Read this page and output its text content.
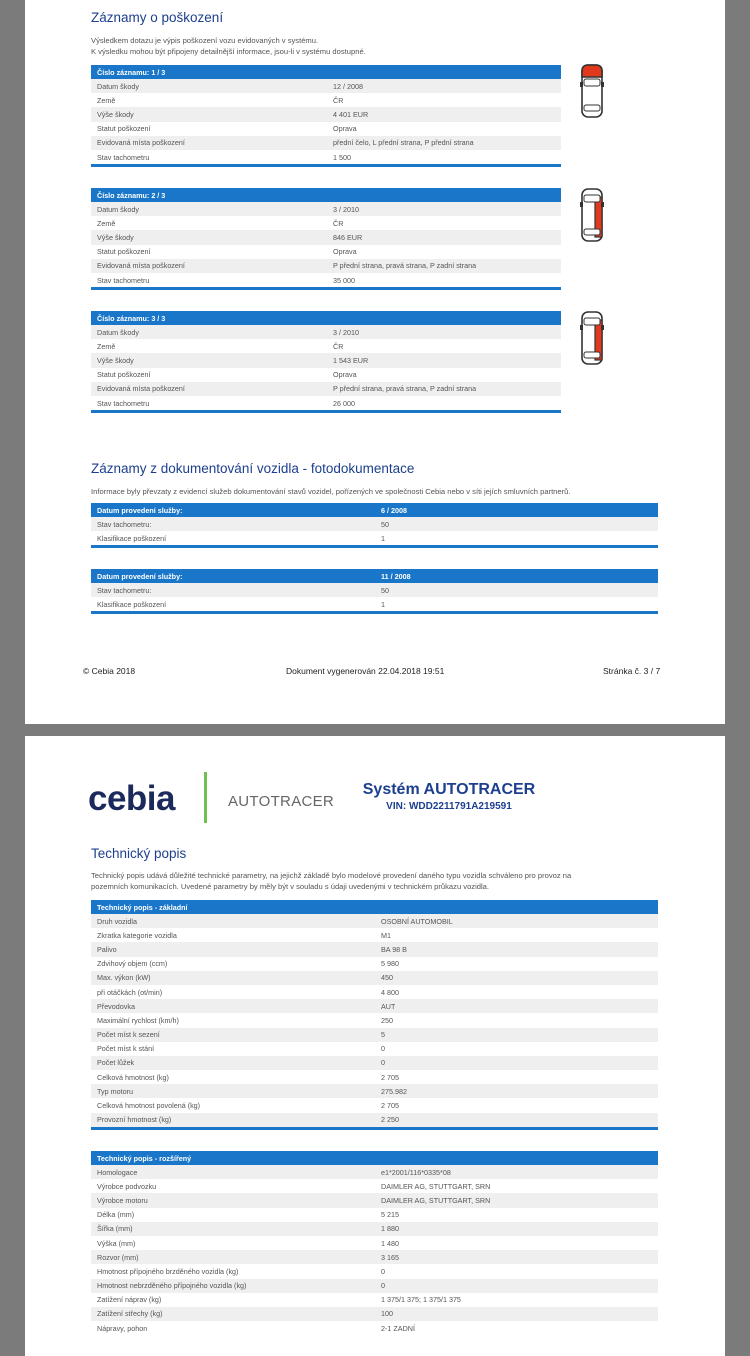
Záznamy o poškození
Výsledkem dotazu je výpis poškození vozu evidovaných v systému.
K výsledku mohou být připojeny detailnější informace, jsou-li v systému dostupné.
Číslo záznamu: 1 / 3
Datum škody	12 / 2008
Země	ČR
Výše škody	4 401 EUR
Statut poškození	Oprava
Evidovaná místa poškození	přední čelo, L přední strana, P přední strana
Stav tachometru	1 500
Číslo záznamu: 2 / 3
Datum škody	3 / 2010
Země	ČR
Výše škody	846 EUR
Statut poškození	Oprava
Evidovaná místa poškození	P přední strana, pravá strana, P zadní strana
Stav tachometru	35 000
Číslo záznamu: 3 / 3
Datum škody	3 / 2010
Země	ČR
Výše škody	1 543 EUR
Statut poškození	Oprava
Evidovaná místa poškození	P přední strana, pravá strana, P zadní strana
Stav tachometru	26 000
Záznamy z dokumentování vozidla - fotodokumentace
Informace byly převzaty z evidencí služeb dokumentování stavů vozidel, pořízených ve společnosti Cebia nebo v síti jejích smluvních partnerů.
Datum provedení služby:	6 / 2008
Stav tachometru:	50
Klasifikace poškození	1
Datum provedení služby:	11 / 2008
Stav tachometru:	50
Klasifikace poškození	1
© Cebia 2018	Dokument vygenerován 22.04.2018 19:51	Stránka č. 3 / 7
cebia	AUTOTRACER
Systém AUTOTRACER
VIN: WDD2211791A219591
Technický popis
Technický popis udává důležité technické parametry, na jejichž základě bylo modelové provedení daného typu vozidla schváleno pro provoz na
pozemních komunikacích. Uvedené parametry by měly být v souladu s údaji uvedenými v technickém průkazu vozidla.
Technický popis - základní
Druh vozidla	OSOBNÍ AUTOMOBIL
Zkratka kategorie vozidla	M1
Palivo	BA 98 B
Zdvihový objem (ccm)	5 980
Max. výkon (kW)	450
při otáčkách (ot/min)	4 800
Převodovka	AUT
Maximální rychlost (km/h)	250
Počet míst k sezení	5
Počet míst k stání	0
Počet lůžek	0
Celková hmotnost (kg)	2 705
Typ motoru	275.982
Celková hmotnost povolená (kg)	2 705
Provozní hmotnost (kg)	2 250
Technický popis - rozšířený
Homologace	e1*2001/116*0335*08
Výrobce podvozku	DAIMLER AG, STUTTGART, SRN
Výrobce motoru	DAIMLER AG, STUTTGART, SRN
Délka (mm)	5 215
Šířka (mm)	1 880
Výška (mm)	1 480
Rozvor (mm)	3 165
Hmotnost přípojného brzděného vozidla (kg)	0
Hmotnost nebrzděného přípojného vozidla (kg)	0
Zatížení náprav (kg)	1 375/1 375; 1 375/1 375
Zatížení střechy (kg)	100
Nápravy, pohon	2-1 ZADNÍ
